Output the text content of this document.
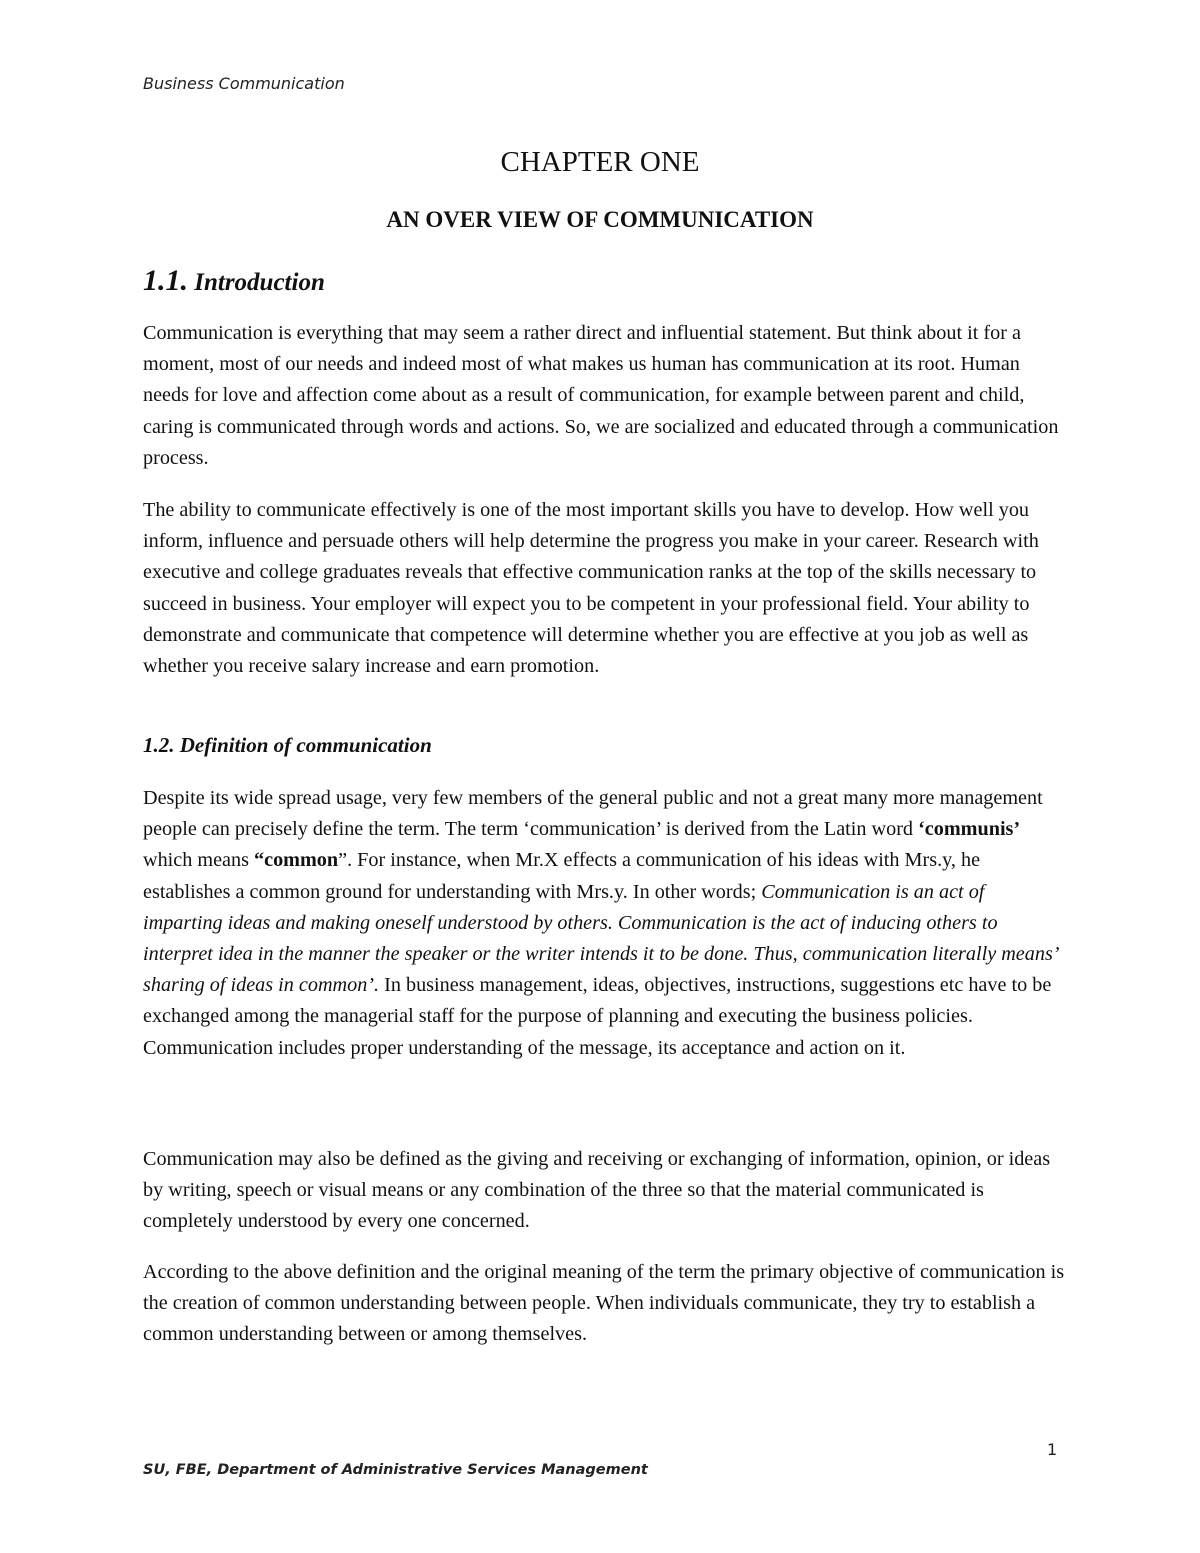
Business Communication
CHAPTER ONE
AN OVER VIEW OF COMMUNICATION
1.1. Introduction

Communication is everything that may seem a rather direct and influential statement. But think about it for a moment, most of our needs and indeed most of what makes us human has communication at its root. Human needs for love and affection come about as a result of communication, for example between parent and child, caring is communicated through words and actions. So, we are socialized and educated through a communication process.

The ability to communicate effectively is one of the most important skills you have to develop. How well you inform, influence and persuade others will help determine the progress you make in your career. Research with executive and college graduates reveals that effective communication ranks at the top of the skills necessary to succeed in business. Your employer will expect you to be competent in your professional field. Your ability to demonstrate and communicate that competence will determine whether you are effective at you job as well as whether you receive salary increase and earn promotion.

1.2. Definition of communication

Despite its wide spread usage, very few members of the general public and not a great many more management people can precisely define the term. The term ‘communication’ is derived from the Latin word ‘communis’ which means “common”. For instance, when Mr.X effects a communication of his ideas with Mrs.y, he establishes a common ground for understanding with Mrs.y. In other words; Communication is an act of imparting ideas and making oneself understood by others. Communication is the act of inducing others to interpret idea in the manner the speaker or the writer intends it to be done. Thus, communication literally means’ sharing of ideas in common’. In business management, ideas, objectives, instructions, suggestions etc have to be exchanged among the managerial staff for the purpose of planning and executing the business policies. Communication includes proper understanding of the message, its acceptance and action on it.

Communication may also be defined as the giving and receiving or exchanging of information, opinion, or ideas by writing, speech or visual means or any combination of the three so that the material communicated is completely understood by every one concerned.

According to the above definition and the original meaning of the term the primary objective of communication is the creation of common understanding between people. When individuals communicate, they try to establish a common understanding between or among themselves.

1
SU, FBE, Department of Administrative Services Management
